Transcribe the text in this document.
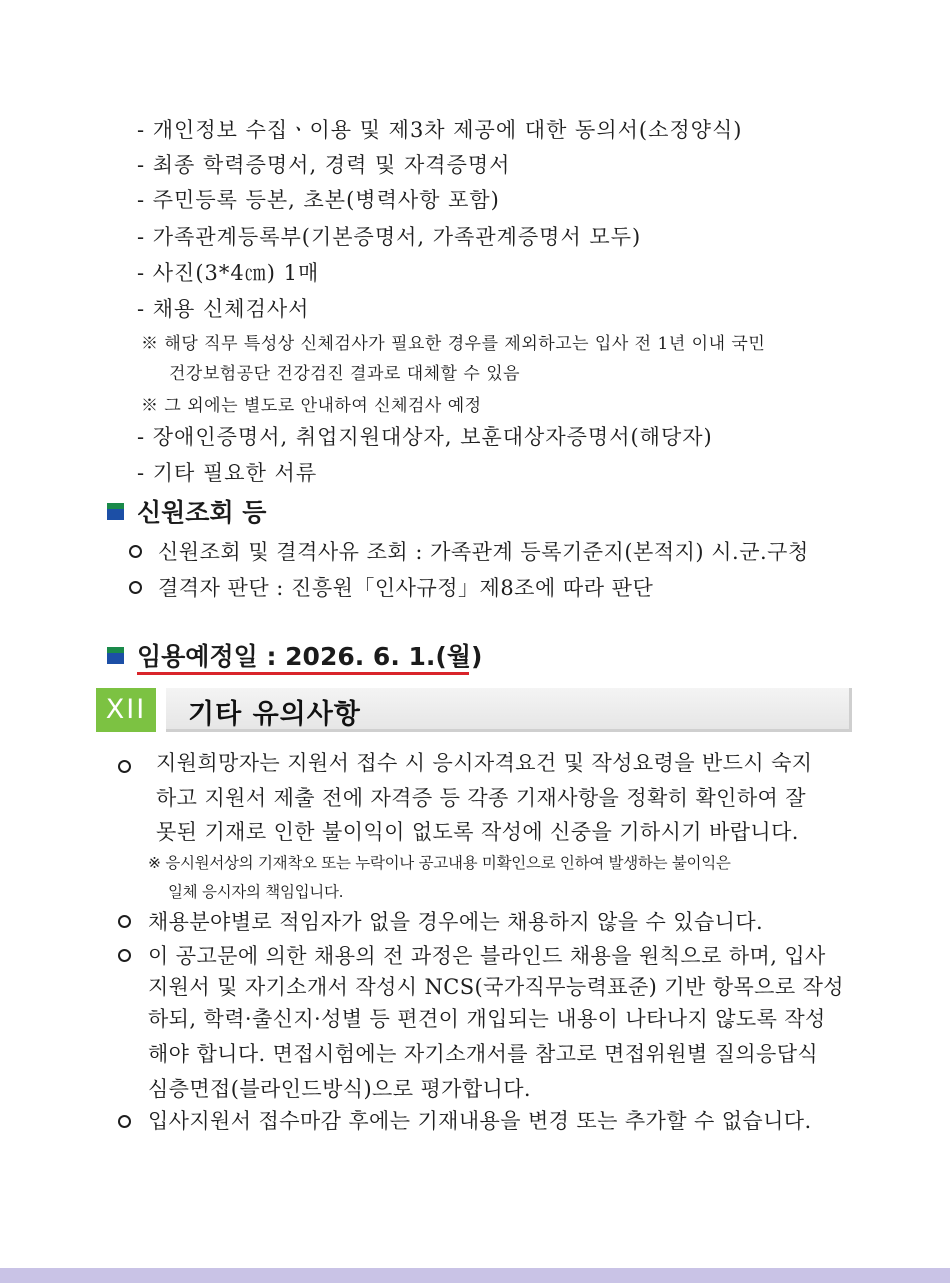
- 개인정보 수집ㆍ이용 및 제3차 제공에 대한 동의서(소정양식)
- 최종 학력증명서, 경력 및 자격증명서
- 주민등록 등본, 초본(병력사항 포함)
- 가족관계등록부(기본증명서, 가족관계증명서 모두)
- 사진(3*4㎝) 1매
- 채용 신체검사서
※ 해당 직무 특성상 신체검사가 필요한 경우를 제외하고는 입사 전 1년 이내 국민
건강보험공단 건강검진 결과로 대체할 수 있음
※ 그 외에는 별도로 안내하여 신체검사 예정
- 장애인증명서, 취업지원대상자, 보훈대상자증명서(해당자)
- 기타 필요한 서류
신원조회 등
신원조회 및 결격사유 조회 : 가족관계 등록기준지(본적지) 시.군.구청
결격자 판단 : 진흥원「인사규정」제8조에 따라 판단
임용예정일 : 2026. 6. 1.(월)
XII	기타 유의사항
지원희망자는 지원서 접수 시 응시자격요건 및 작성요령을 반드시 숙지
하고 지원서 제출 전에 자격증 등 각종 기재사항을 정확히 확인하여 잘
못된 기재로 인한 불이익이 없도록 작성에 신중을 기하시기 바랍니다.
※ 응시원서상의 기재착오 또는 누락이나 공고내용 미확인으로 인하여 발생하는 불이익은
일체 응시자의 책임입니다.
채용분야별로 적임자가 없을 경우에는 채용하지 않을 수 있습니다.
이 공고문에 의한 채용의 전 과정은 블라인드 채용을 원칙으로 하며, 입사
지원서 및 자기소개서 작성시 NCS(국가직무능력표준) 기반 항목으로 작성
하되, 학력·출신지·성별 등 편견이 개입되는 내용이 나타나지 않도록 작성
해야 합니다. 면접시험에는 자기소개서를 참고로 면접위원별 질의응답식
심층면접(블라인드방식)으로 평가합니다.
입사지원서 접수마감 후에는 기재내용을 변경 또는 추가할 수 없습니다.
